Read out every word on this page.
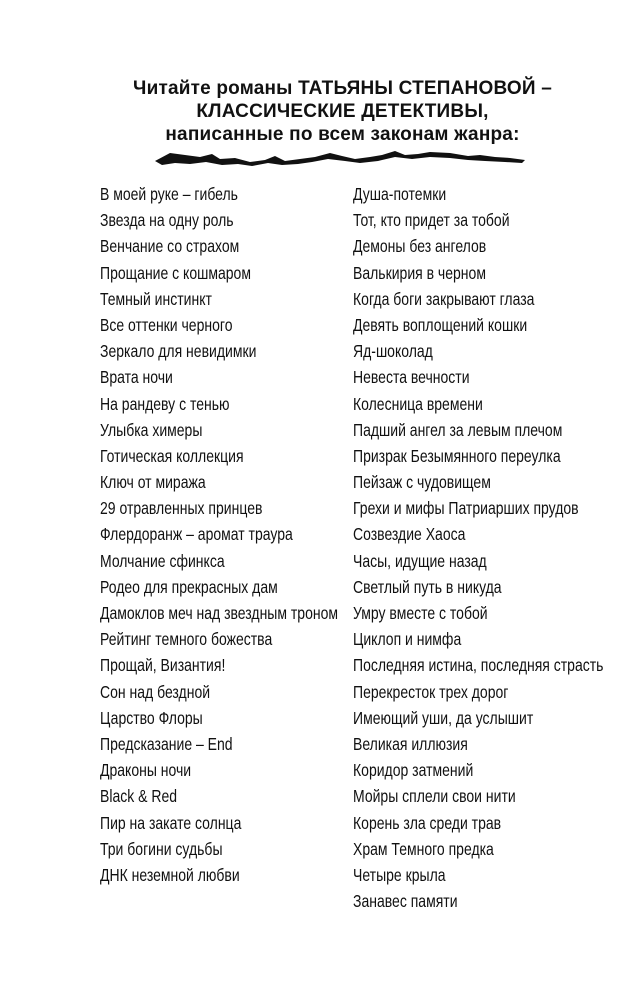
Читайте романы ТАТЬЯНЫ СТЕПАНОВОЙ –
КЛАССИЧЕСКИЕ ДЕТЕКТИВЫ,
написанные по всем законам жанра:
В моей руке – гибель
Звезда на одну роль
Венчание со страхом
Прощание с кошмаром
Темный инстинкт
Все оттенки черного
Зеркало для невидимки
Врата ночи
На рандеву с тенью
Улыбка химеры
Готическая коллекция
Ключ от миража
29 отравленных принцев
Флердоранж – аромат траура
Молчание сфинкса
Родео для прекрасных дам
Дамоклов меч над звездным троном
Рейтинг темного божества
Прощай, Византия!
Сон над бездной
Царство Флоры
Предсказание – End
Драконы ночи
Black & Red
Пир на закате солнца
Три богини судьбы
ДНК неземной любви
Душа-потемки
Тот, кто придет за тобой
Демоны без ангелов
Валькирия в черном
Когда боги закрывают глаза
Девять воплощений кошки
Яд-шоколад
Невеста вечности
Колесница времени
Падший ангел за левым плечом
Призрак Безымянного переулка
Пейзаж с чудовищем
Грехи и мифы Патриарших прудов
Созвездие Хаоса
Часы, идущие назад
Светлый путь в никуда
Умру вместе с тобой
Циклоп и нимфа
Последняя истина, последняя страсть
Перекресток трех дорог
Имеющий уши, да услышит
Великая иллюзия
Коридор затмений
Мойры сплели свои нити
Корень зла среди трав
Храм Темного предка
Четыре крыла
Занавес памяти
